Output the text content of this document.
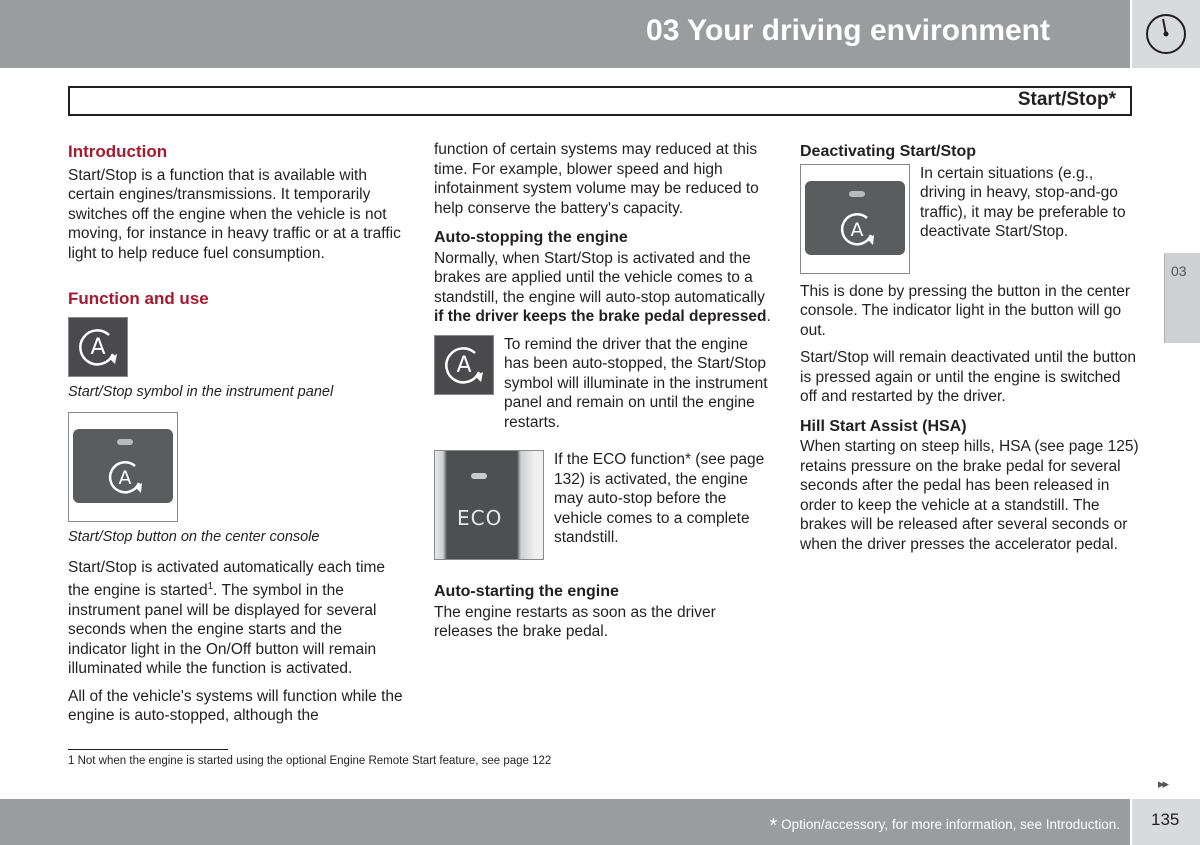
03 Your driving environment
Start/Stop*
Introduction

Start/Stop is a function that is available with certain engines/transmissions. It temporarily switches off the engine when the vehicle is not moving, for instance in heavy traffic or at a traffic light to help reduce fuel consumption.

Function and use
A
Start/Stop symbol in the instrument panel
A
Start/Stop button on the center console

Start/Stop is activated automatically each time the engine is started$^1$. The symbol in the instrument panel will be displayed for several seconds when the engine starts and the indicator light in the On/Off button will remain illuminated while the function is activated.

All of the vehicle's systems will function while the engine is auto-stopped, although the

function of certain systems may reduced at this time. For example, blower speed and high infotainment system volume may be reduced to help conserve the battery's capacity.

Auto-stopping the engine

Normally, when Start/Stop is activated and the brakes are applied until the vehicle comes to a standstill, the engine will auto-stop automatically if the driver keeps the brake pedal depressed.

A
To remind the driver that the engine has been auto-stopped, the Start/Stop symbol will illuminate in the instrument panel and remain on until the engine restarts.
ECO
If the ECO function* (see page 132) is activated, the engine may auto-stop before the vehicle comes to a complete standstill.
Auto-starting the engine

The engine restarts as soon as the driver releases the brake pedal.

Deactivating Start/Stop
A
In certain situations (e.g., driving in heavy, stop-and-go traffic), it may be preferable to deactivate Start/Stop.

This is done by pressing the button in the center console. The indicator light in the button will go out.

Start/Stop will remain deactivated until the button is pressed again or until the engine is switched off and restarted by the driver.

Hill Start Assist (HSA)

When starting on steep hills, HSA (see page 125) retains pressure on the brake pedal for several seconds after the pedal has been released in order to keep the vehicle at a standstill. The brakes will be released after several seconds or when the driver presses the accelerator pedal.

03
1 Not when the engine is started using the optional Engine Remote Start feature, see page 122
▸▸
* Option/accessory, for more information, see Introduction. 135
